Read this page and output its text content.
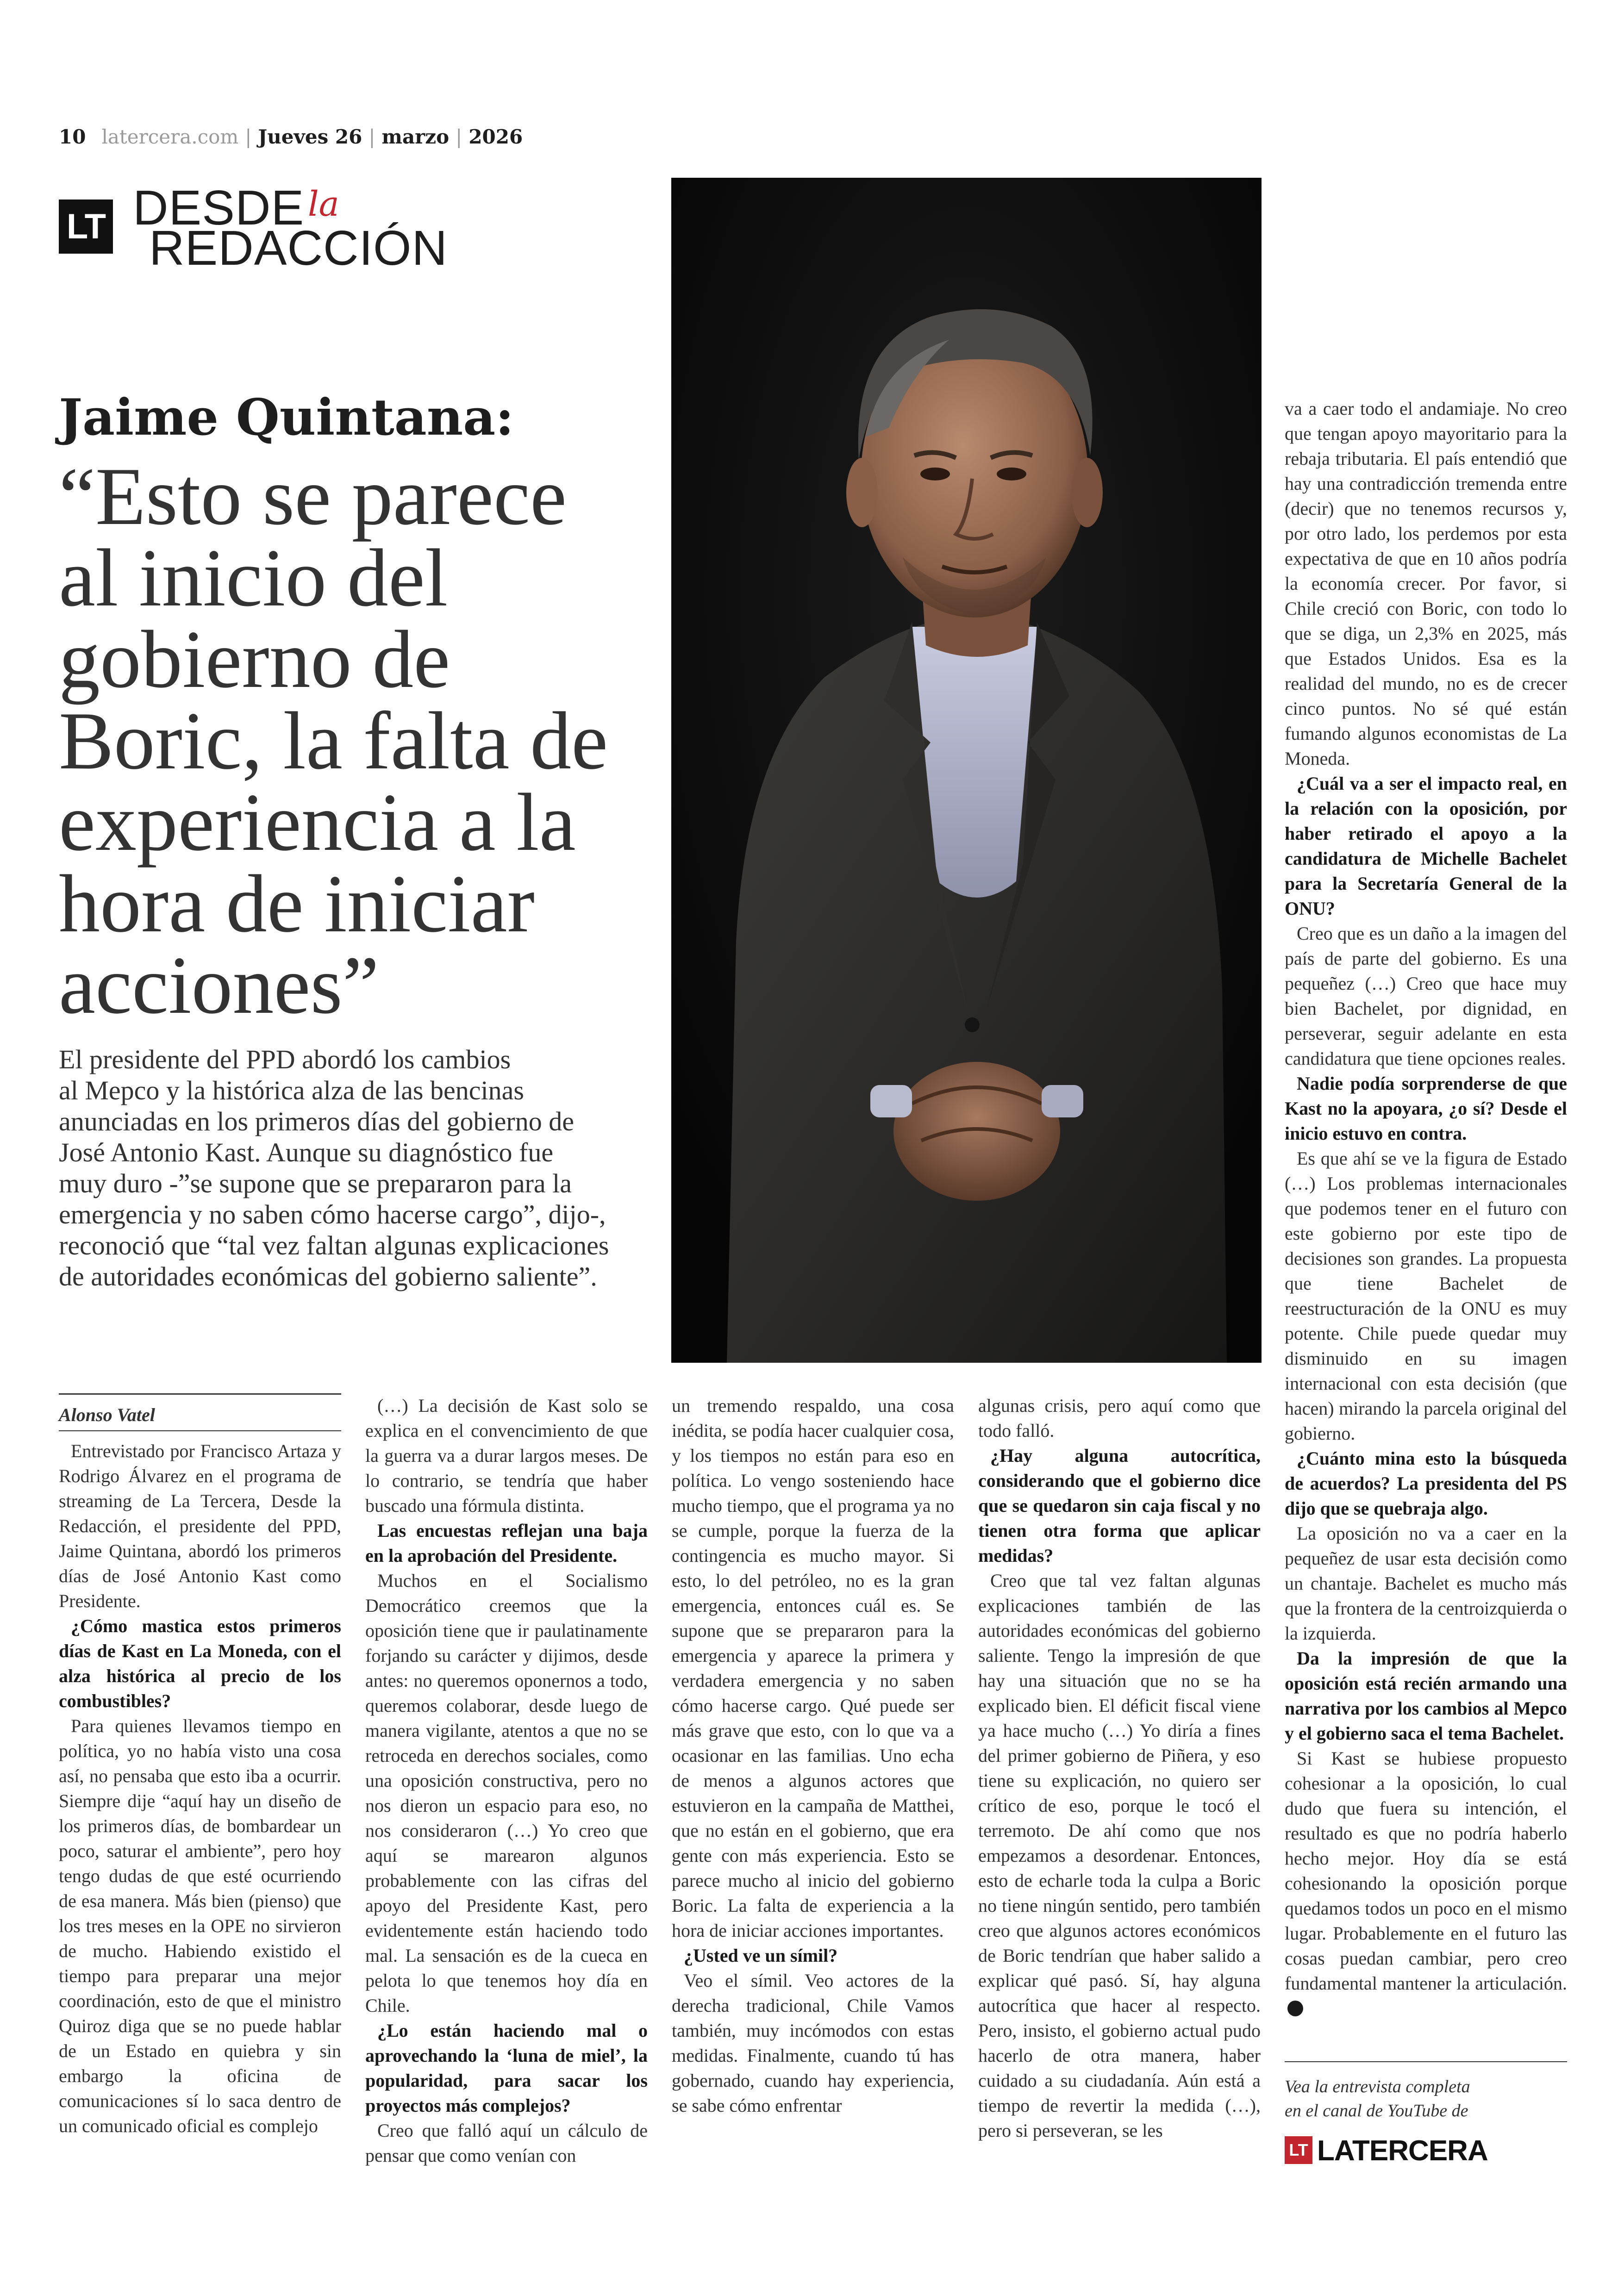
10 latercera.com | Jueves 26 | marzo | 2026
LT DESDE la
REDACCIÓN
Jaime Quintana:
“Esto se parece
al inicio del
gobierno de
Boric, la falta de
experiencia a la
hora de iniciar
acciones”
El presidente del PPD abordó los cambios
al Mepco y la histórica alza de las bencinas
anunciadas en los primeros días del gobierno de
José Antonio Kast. Aunque su diagnóstico fue
muy duro -”se supone que se prepararon para la
emergencia y no saben cómo hacerse cargo”, dijo-,
reconoció que “tal vez faltan algunas explicaciones
de autoridades económicas del gobierno saliente”.
Alonso Vatel

Entrevistado por Francisco Artaza y Rodrigo Álvarez en el programa de streaming de La Tercera, Desde la Redacción, el presidente del PPD, Jaime Quintana, abordó los primeros días de José Antonio Kast como Presidente.

¿Cómo mastica estos primeros días de Kast en La Moneda, con el alza histórica al precio de los combustibles?

Para quienes llevamos tiempo en política, yo no había visto una cosa así, no pensaba que esto iba a ocurrir. Siempre dije “aquí hay un diseño de los primeros días, de bombardear un poco, saturar el ambiente”, pero hoy tengo dudas de que esté ocurriendo de esa manera. Más bien (pienso) que los tres meses en la OPE no sirvieron de mucho. Habiendo existido el tiempo para preparar una mejor coordinación, esto de que el ministro Quiroz diga que se no puede hablar de un Estado en quiebra y sin embargo la oficina de comunicaciones sí lo saca dentro de un comunicado oficial es complejo

(…) La decisión de Kast solo se explica en el convencimiento de que la guerra va a durar largos meses. De lo contrario, se tendría que haber buscado una fórmula distinta.

Las encuestas reflejan una baja en la aprobación del Presidente.

Muchos en el Socialismo Democrático creemos que la oposición tiene que ir paulatinamente forjando su carácter y dijimos, desde antes: no queremos oponernos a todo, queremos colaborar, desde luego de manera vigilante, atentos a que no se retroceda en derechos sociales, como una oposición constructiva, pero no nos dieron un espacio para eso, no nos consideraron (…) Yo creo que aquí se marearon algunos probablemente con las cifras del apoyo del Presidente Kast, pero evidentemente están haciendo todo mal. La sensación es de la cueca en pelota lo que tenemos hoy día en Chile.

¿Lo están haciendo mal o aprovechando la ‘luna de miel’, la popularidad, para sacar los proyectos más complejos?

Creo que falló aquí un cálculo de pensar que como venían con

un tremendo respaldo, una cosa inédita, se podía hacer cualquier cosa, y los tiempos no están para eso en política. Lo vengo sosteniendo hace mucho tiempo, que el programa ya no se cumple, porque la fuerza de la contingencia es mucho mayor. Si esto, lo del petróleo, no es la gran emergencia, entonces cuál es. Se supone que se prepararon para la emergencia y aparece la primera y verdadera emergencia y no saben cómo hacerse cargo. Qué puede ser más grave que esto, con lo que va a ocasionar en las familias. Uno echa de menos a algunos actores que estuvieron en la campaña de Matthei, que no están en el gobierno, que era gente con más experiencia. Esto se parece mucho al inicio del gobierno Boric. La falta de experiencia a la hora de iniciar acciones importantes.

¿Usted ve un símil?

Veo el símil. Veo actores de la derecha tradicional, Chile Vamos también, muy incómodos con estas medidas. Finalmente, cuando tú has gobernado, cuando hay experiencia, se sabe cómo enfrentar

algunas crisis, pero aquí como que todo falló.

¿Hay alguna autocrítica, considerando que el gobierno dice que se quedaron sin caja fiscal y no tienen otra forma que aplicar medidas?

Creo que tal vez faltan algunas explicaciones también de las autoridades económicas del gobierno saliente. Tengo la impresión de que hay una situación que no se ha explicado bien. El déficit fiscal viene ya hace mucho (…) Yo diría a fines del primer gobierno de Piñera, y eso tiene su explicación, no quiero ser crítico de eso, porque le tocó el terremoto. De ahí como que nos empezamos a desordenar. Entonces, esto de echarle toda la culpa a Boric no tiene ningún sentido, pero también creo que algunos actores económicos de Boric tendrían que haber salido a explicar qué pasó. Sí, hay alguna autocrítica que hacer al respecto. Pero, insisto, el gobierno actual pudo hacerlo de otra manera, haber cuidado a su ciudadanía. Aún está a tiempo de revertir la medida (…), pero si perseveran, se les

va a caer todo el andamiaje. No creo que tengan apoyo mayoritario para la rebaja tributaria. El país entendió que hay una contradicción tremenda entre (decir) que no tenemos recursos y, por otro lado, los perdemos por esta expectativa de que en 10 años podría la economía crecer. Por favor, si Chile creció con Boric, con todo lo que se diga, un 2,3% en 2025, más que Estados Unidos. Esa es la realidad del mundo, no es de crecer cinco puntos. No sé qué están fumando algunos economistas de La Moneda.

¿Cuál va a ser el impacto real, en la relación con la oposición, por haber retirado el apoyo a la candidatura de Michelle Bachelet para la Secretaría General de la ONU?

Creo que es un daño a la imagen del país de parte del gobierno. Es una pequeñez (…) Creo que hace muy bien Bachelet, por dignidad, en perseverar, seguir adelante en esta candidatura que tiene opciones reales.

Nadie podía sorprenderse de que Kast no la apoyara, ¿o sí? Desde el inicio estuvo en contra.

Es que ahí se ve la figura de Estado (…) Los problemas internacionales que podemos tener en el futuro con este gobierno por este tipo de decisiones son grandes. La propuesta que tiene Bachelet de reestructuración de la ONU es muy potente. Chile puede quedar muy disminuido en su imagen internacional con esta decisión (que hacen) mirando la parcela original del gobierno.

¿Cuánto mina esto la búsqueda de acuerdos? La presidenta del PS dijo que se quebraja algo.

La oposición no va a caer en la pequeñez de usar esta decisión como un chantaje. Bachelet es mucho más que la frontera de la centroizquierda o la izquierda.

Da la impresión de que la oposición está recién armando una narrativa por los cambios al Mepco y el gobierno saca el tema Bachelet.

Si Kast se hubiese propuesto cohesionar a la oposición, lo cual dudo que fuera su intención, el resultado es que no podría haberlo hecho mejor. Hoy día se está cohesionando la oposición porque quedamos todos un poco en el mismo lugar. Probablemente en el futuro las cosas puedan cambiar, pero creo fundamental mantener la articulación.

Vea la entrevista completa
en el canal de YouTube de
LT LATERCERA
